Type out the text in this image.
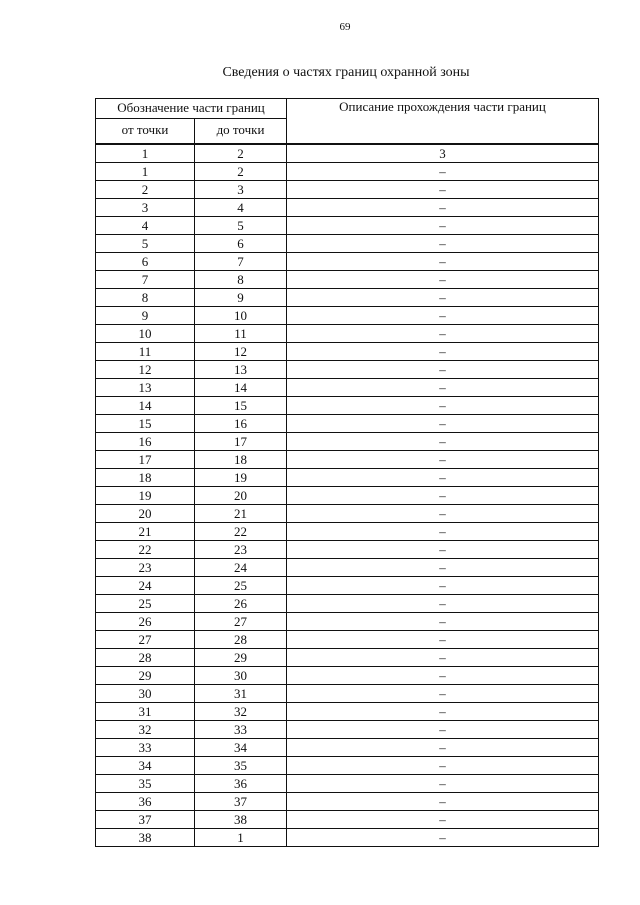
69
Сведения о частях границ охранной зоны
Обозначение части границ		Описание прохождения части границ
от точки	до точки	
1	2	3
1	2	–
2	3	–
3	4	–
4	5	–
5	6	–
6	7	–
7	8	–
8	9	–
9	10	–
10	11	–
11	12	–
12	13	–
13	14	–
14	15	–
15	16	–
16	17	–
17	18	–
18	19	–
19	20	–
20	21	–
21	22	–
22	23	–
23	24	–
24	25	–
25	26	–
26	27	–
27	28	–
28	29	–
29	30	–
30	31	–
31	32	–
32	33	–
33	34	–
34	35	–
35	36	–
36	37	–
37	38	–
38	1	–
